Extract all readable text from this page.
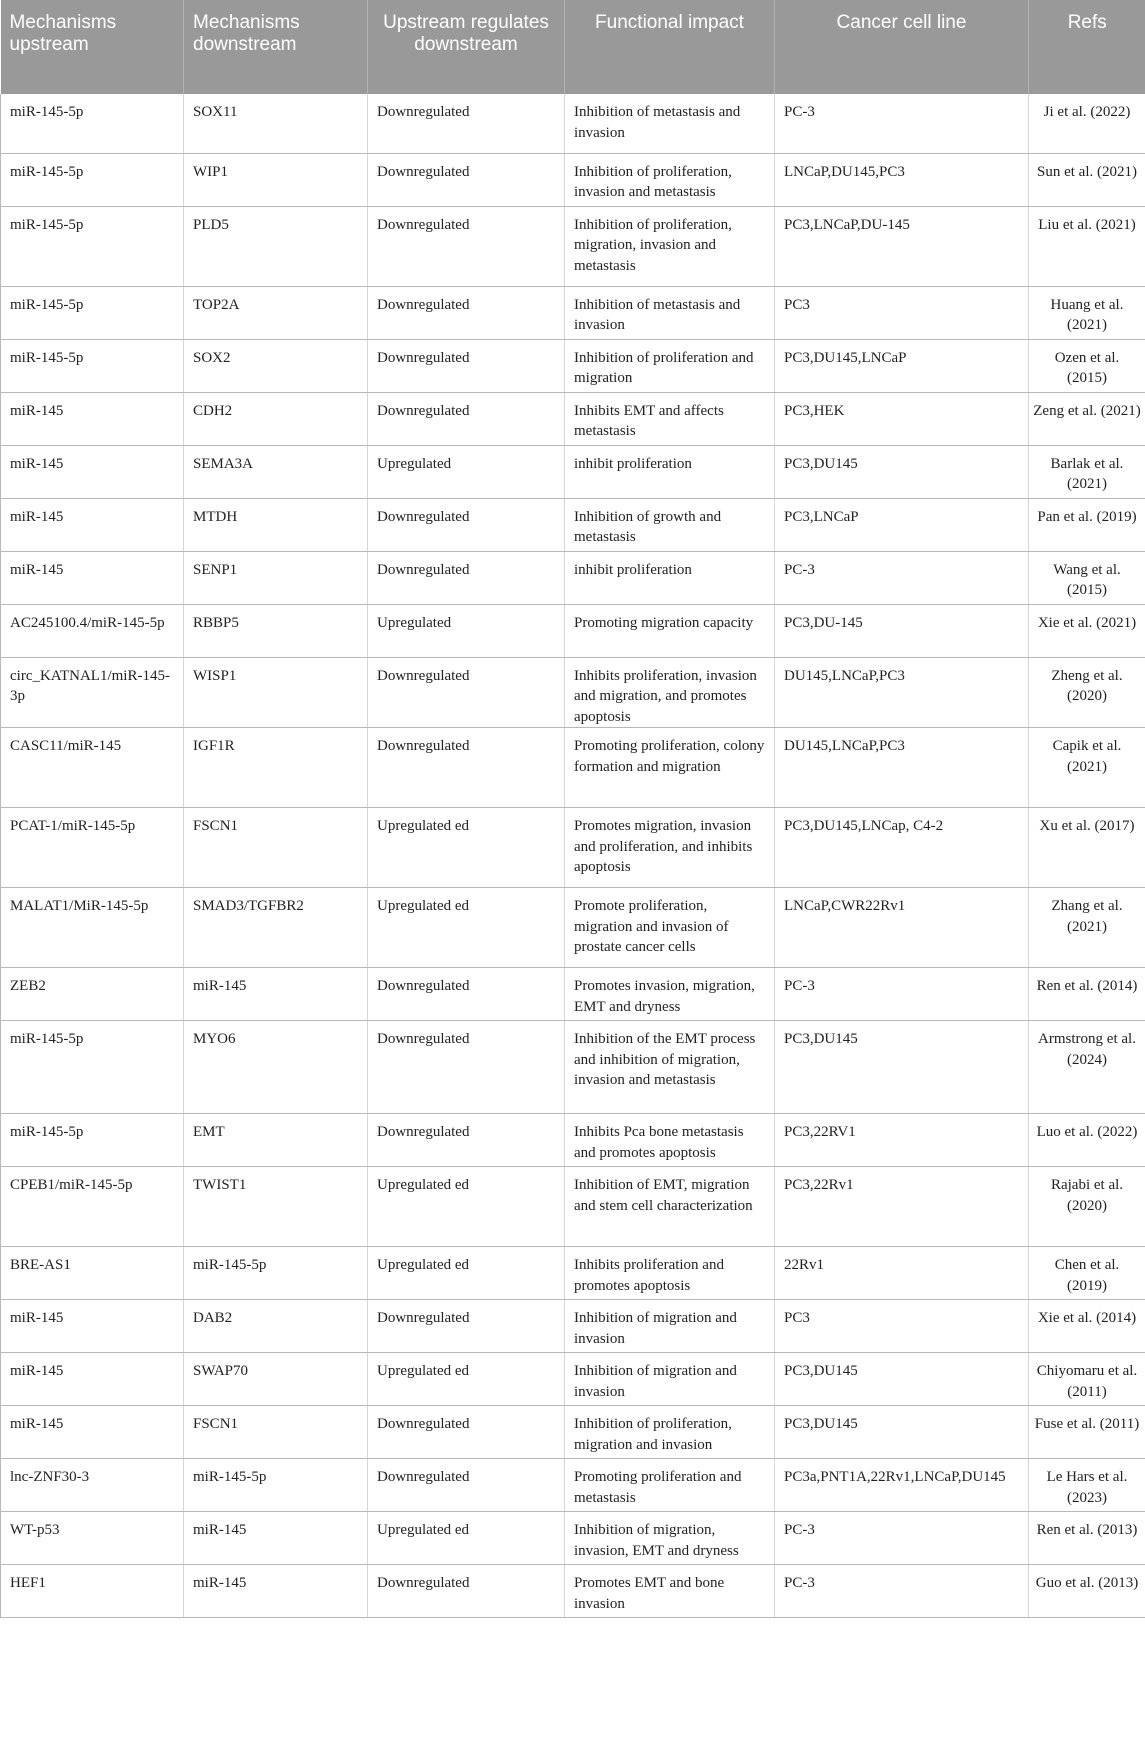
Mechanisms upstream	Mechanisms downstream	Upstream regulates downstream	Functional impact	Cancer cell line	Refs
miR-145-5p	SOX11	Downregulated	Inhibition of metastasis and invasion	PC-3	Ji et al. (2022)
miR-145-5p	WIP1	Downregulated	Inhibition of proliferation, invasion and metastasis	LNCaP,DU145,PC3	Sun et al. (2021)
miR-145-5p	PLD5	Downregulated	Inhibition of proliferation, migration, invasion and metastasis	PC3,LNCaP,DU-145	Liu et al. (2021)
miR-145-5p	TOP2A	Downregulated	Inhibition of metastasis and invasion	PC3	Huang et al. (2021)
miR-145-5p	SOX2	Downregulated	Inhibition of proliferation and migration	PC3,DU145,LNCaP	Ozen et al. (2015)
miR-145	CDH2	Downregulated	Inhibits EMT and affects metastasis	PC3,HEK	Zeng et al. (2021)
miR-145	SEMA3A	Upregulated	inhibit proliferation	PC3,DU145	Barlak et al. (2021)
miR-145	MTDH	Downregulated	Inhibition of growth and metastasis	PC3,LNCaP	Pan et al. (2019)
miR-145	SENP1	Downregulated	inhibit proliferation	PC-3	Wang et al. (2015)
AC245100.4/miR-145-5p	RBBP5	Upregulated	Promoting migration capacity	PC3,DU-145	Xie et al. (2021)
circ_KATNAL1/miR-145-3p	WISP1	Downregulated	Inhibits proliferation, invasion and migration, and promotes apoptosis	DU145,LNCaP,PC3	Zheng et al. (2020)
CASC11/miR-145	IGF1R	Downregulated	Promoting proliferation, colony formation and migration	DU145,LNCaP,PC3	Capik et al. (2021)
PCAT-1/miR-145-5p	FSCN1	Upregulated ed	Promotes migration, invasion and proliferation, and inhibits apoptosis	PC3,DU145,LNCap, C4-2	Xu et al. (2017)
MALAT1/MiR-145-5p	SMAD3/TGFBR2	Upregulated ed	Promote proliferation, migration and invasion of prostate cancer cells	LNCaP,CWR22Rv1	Zhang et al. (2021)
ZEB2	miR-145	Downregulated	Promotes invasion, migration, EMT and dryness	PC-3	Ren et al. (2014)
miR-145-5p	MYO6	Downregulated	Inhibition of the EMT process and inhibition of migration, invasion and metastasis	PC3,DU145	Armstrong et al. (2024)
miR-145-5p	EMT	Downregulated	Inhibits Pca bone metastasis and promotes apoptosis	PC3,22RV1	Luo et al. (2022)
CPEB1/miR-145-5p	TWIST1	Upregulated ed	Inhibition of EMT, migration and stem cell characterization	PC3,22Rv1	Rajabi et al. (2020)
BRE-AS1	miR-145-5p	Upregulated ed	Inhibits proliferation and promotes apoptosis	22Rv1	Chen et al. (2019)
miR-145	DAB2	Downregulated	Inhibition of migration and invasion	PC3	Xie et al. (2014)
miR-145	SWAP70	Upregulated ed	Inhibition of migration and invasion	PC3,DU145	Chiyomaru et al. (2011)
miR-145	FSCN1	Downregulated	Inhibition of proliferation, migration and invasion	PC3,DU145	Fuse et al. (2011)
lnc-ZNF30-3	miR-145-5p	Downregulated	Promoting proliferation and metastasis	PC3a,PNT1A,22Rv1,LNCaP,DU145	Le Hars et al. (2023)
WT-p53	miR-145	Upregulated ed	Inhibition of migration, invasion, EMT and dryness	PC-3	Ren et al. (2013)
HEF1	miR-145	Downregulated	Promotes EMT and bone invasion	PC-3	Guo et al. (2013)
